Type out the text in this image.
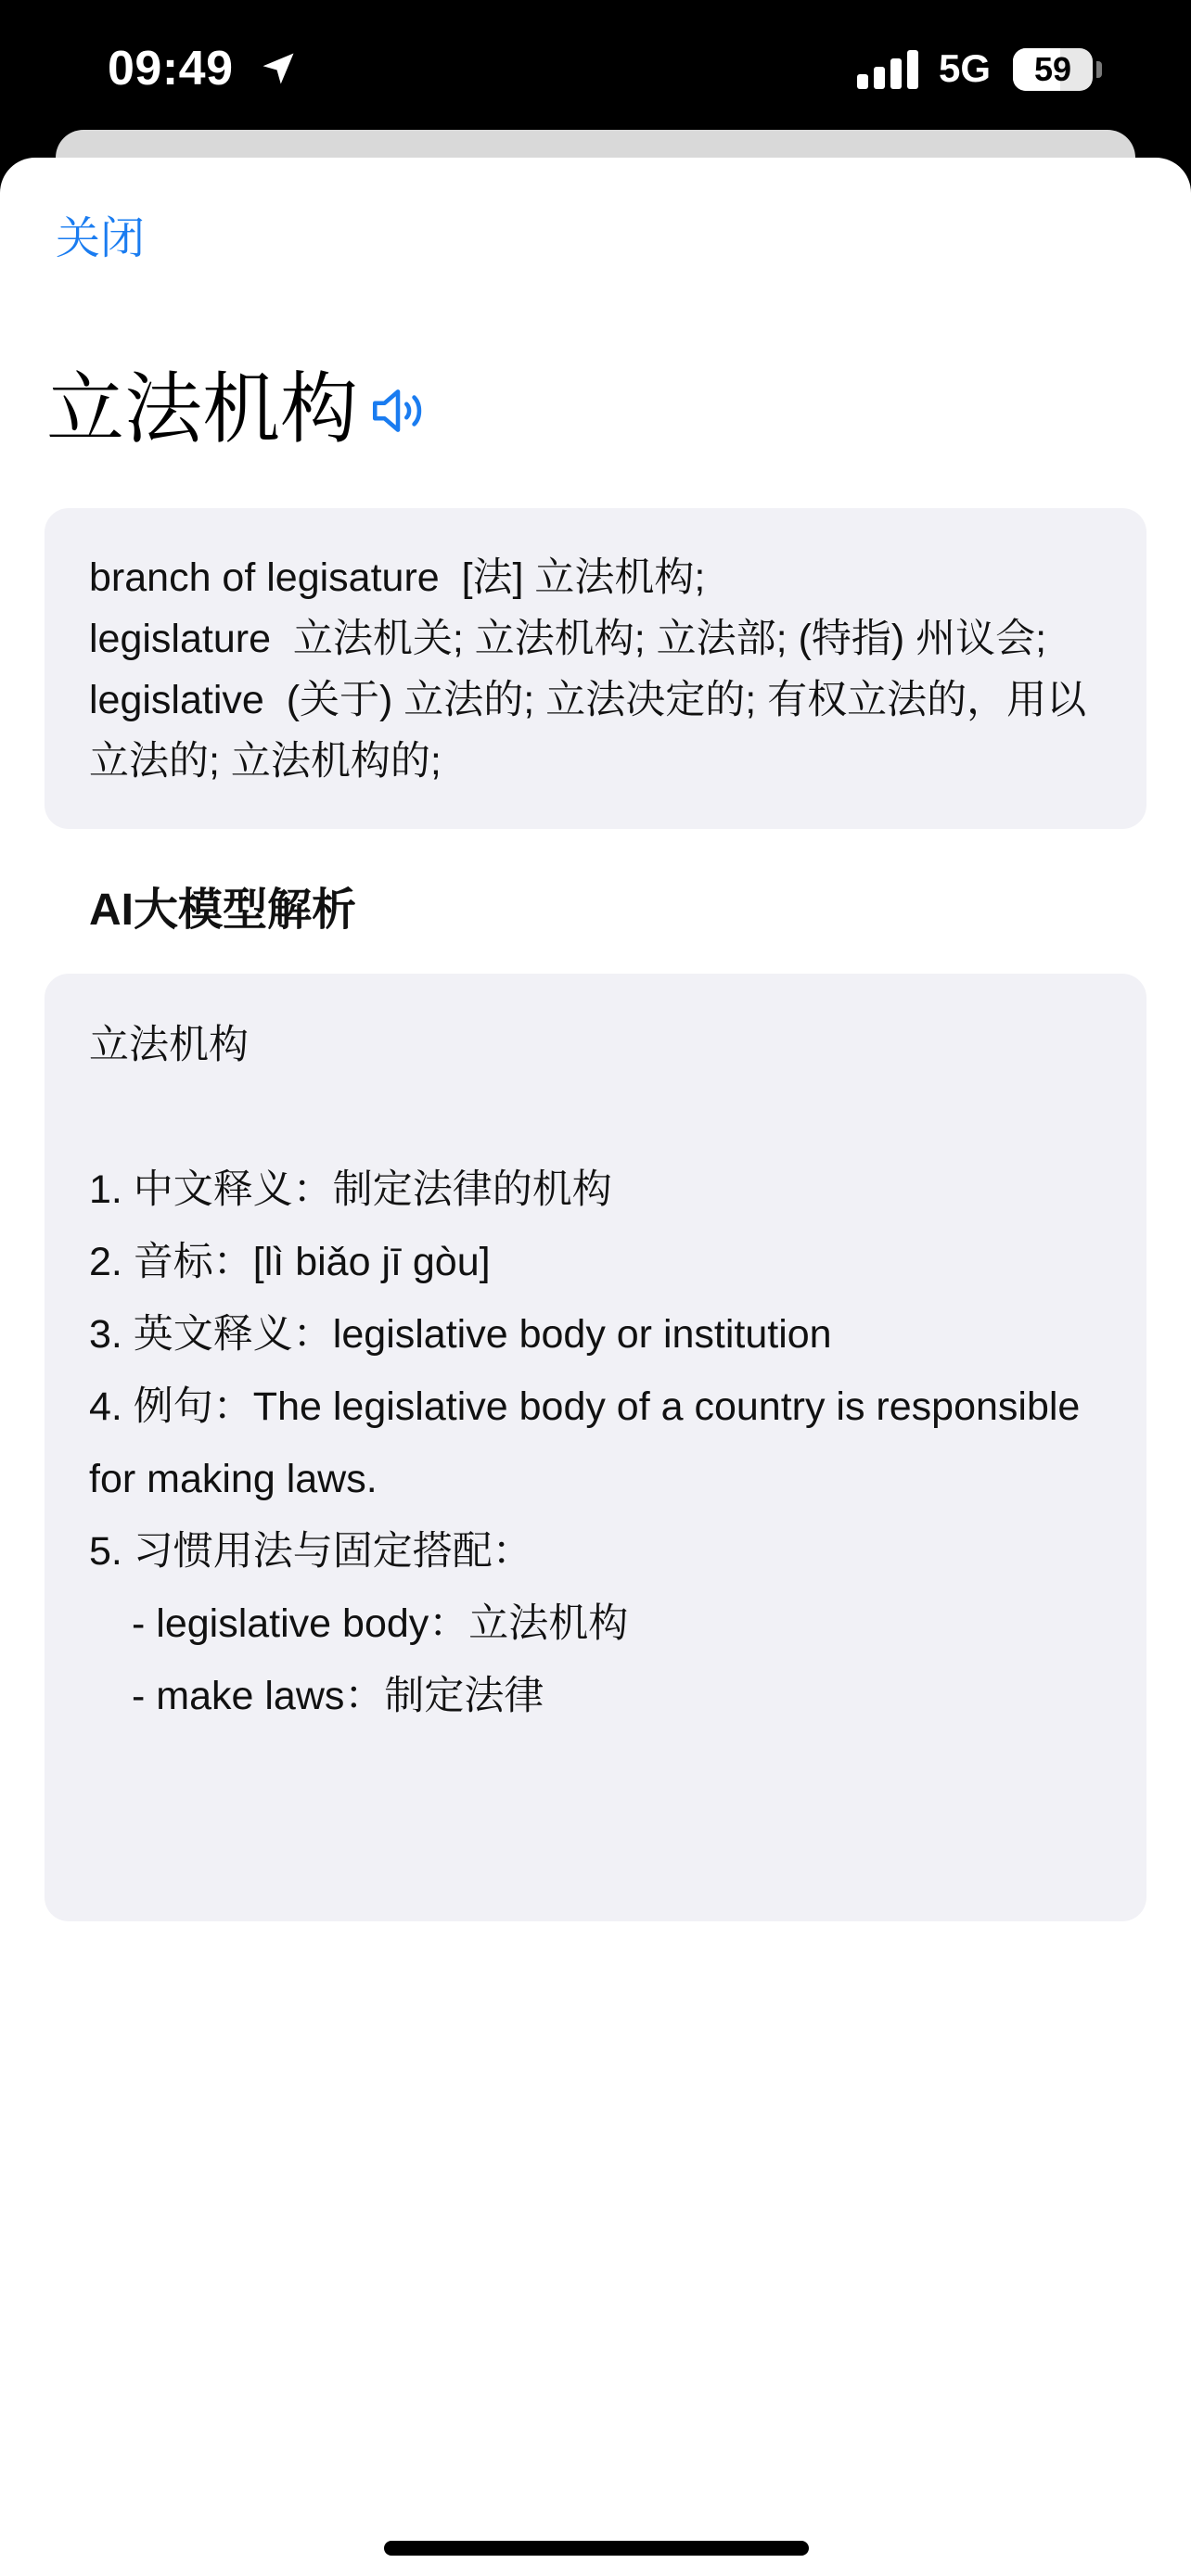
09:49	5G	59
关闭
立法机构

branch of legisature  [法] 立法机构;

legislature  立法机关; 立法机构; 立法部; (特指) 州议会;

legislative  (关于) 立法的; 立法决定的; 有权立法的，用以立法的; 立法机构的;

AI大模型解析

立法机构

1. 中文释义：制定法律的机构

2. 音标：[lì biǎo jī gòu]

3. 英文释义：legislative body or institution

4. 例句：The legislative body of a country is responsible for making laws.

5. 习惯用法与固定搭配：

- legislative body：立法机构

- make laws：制定法律
